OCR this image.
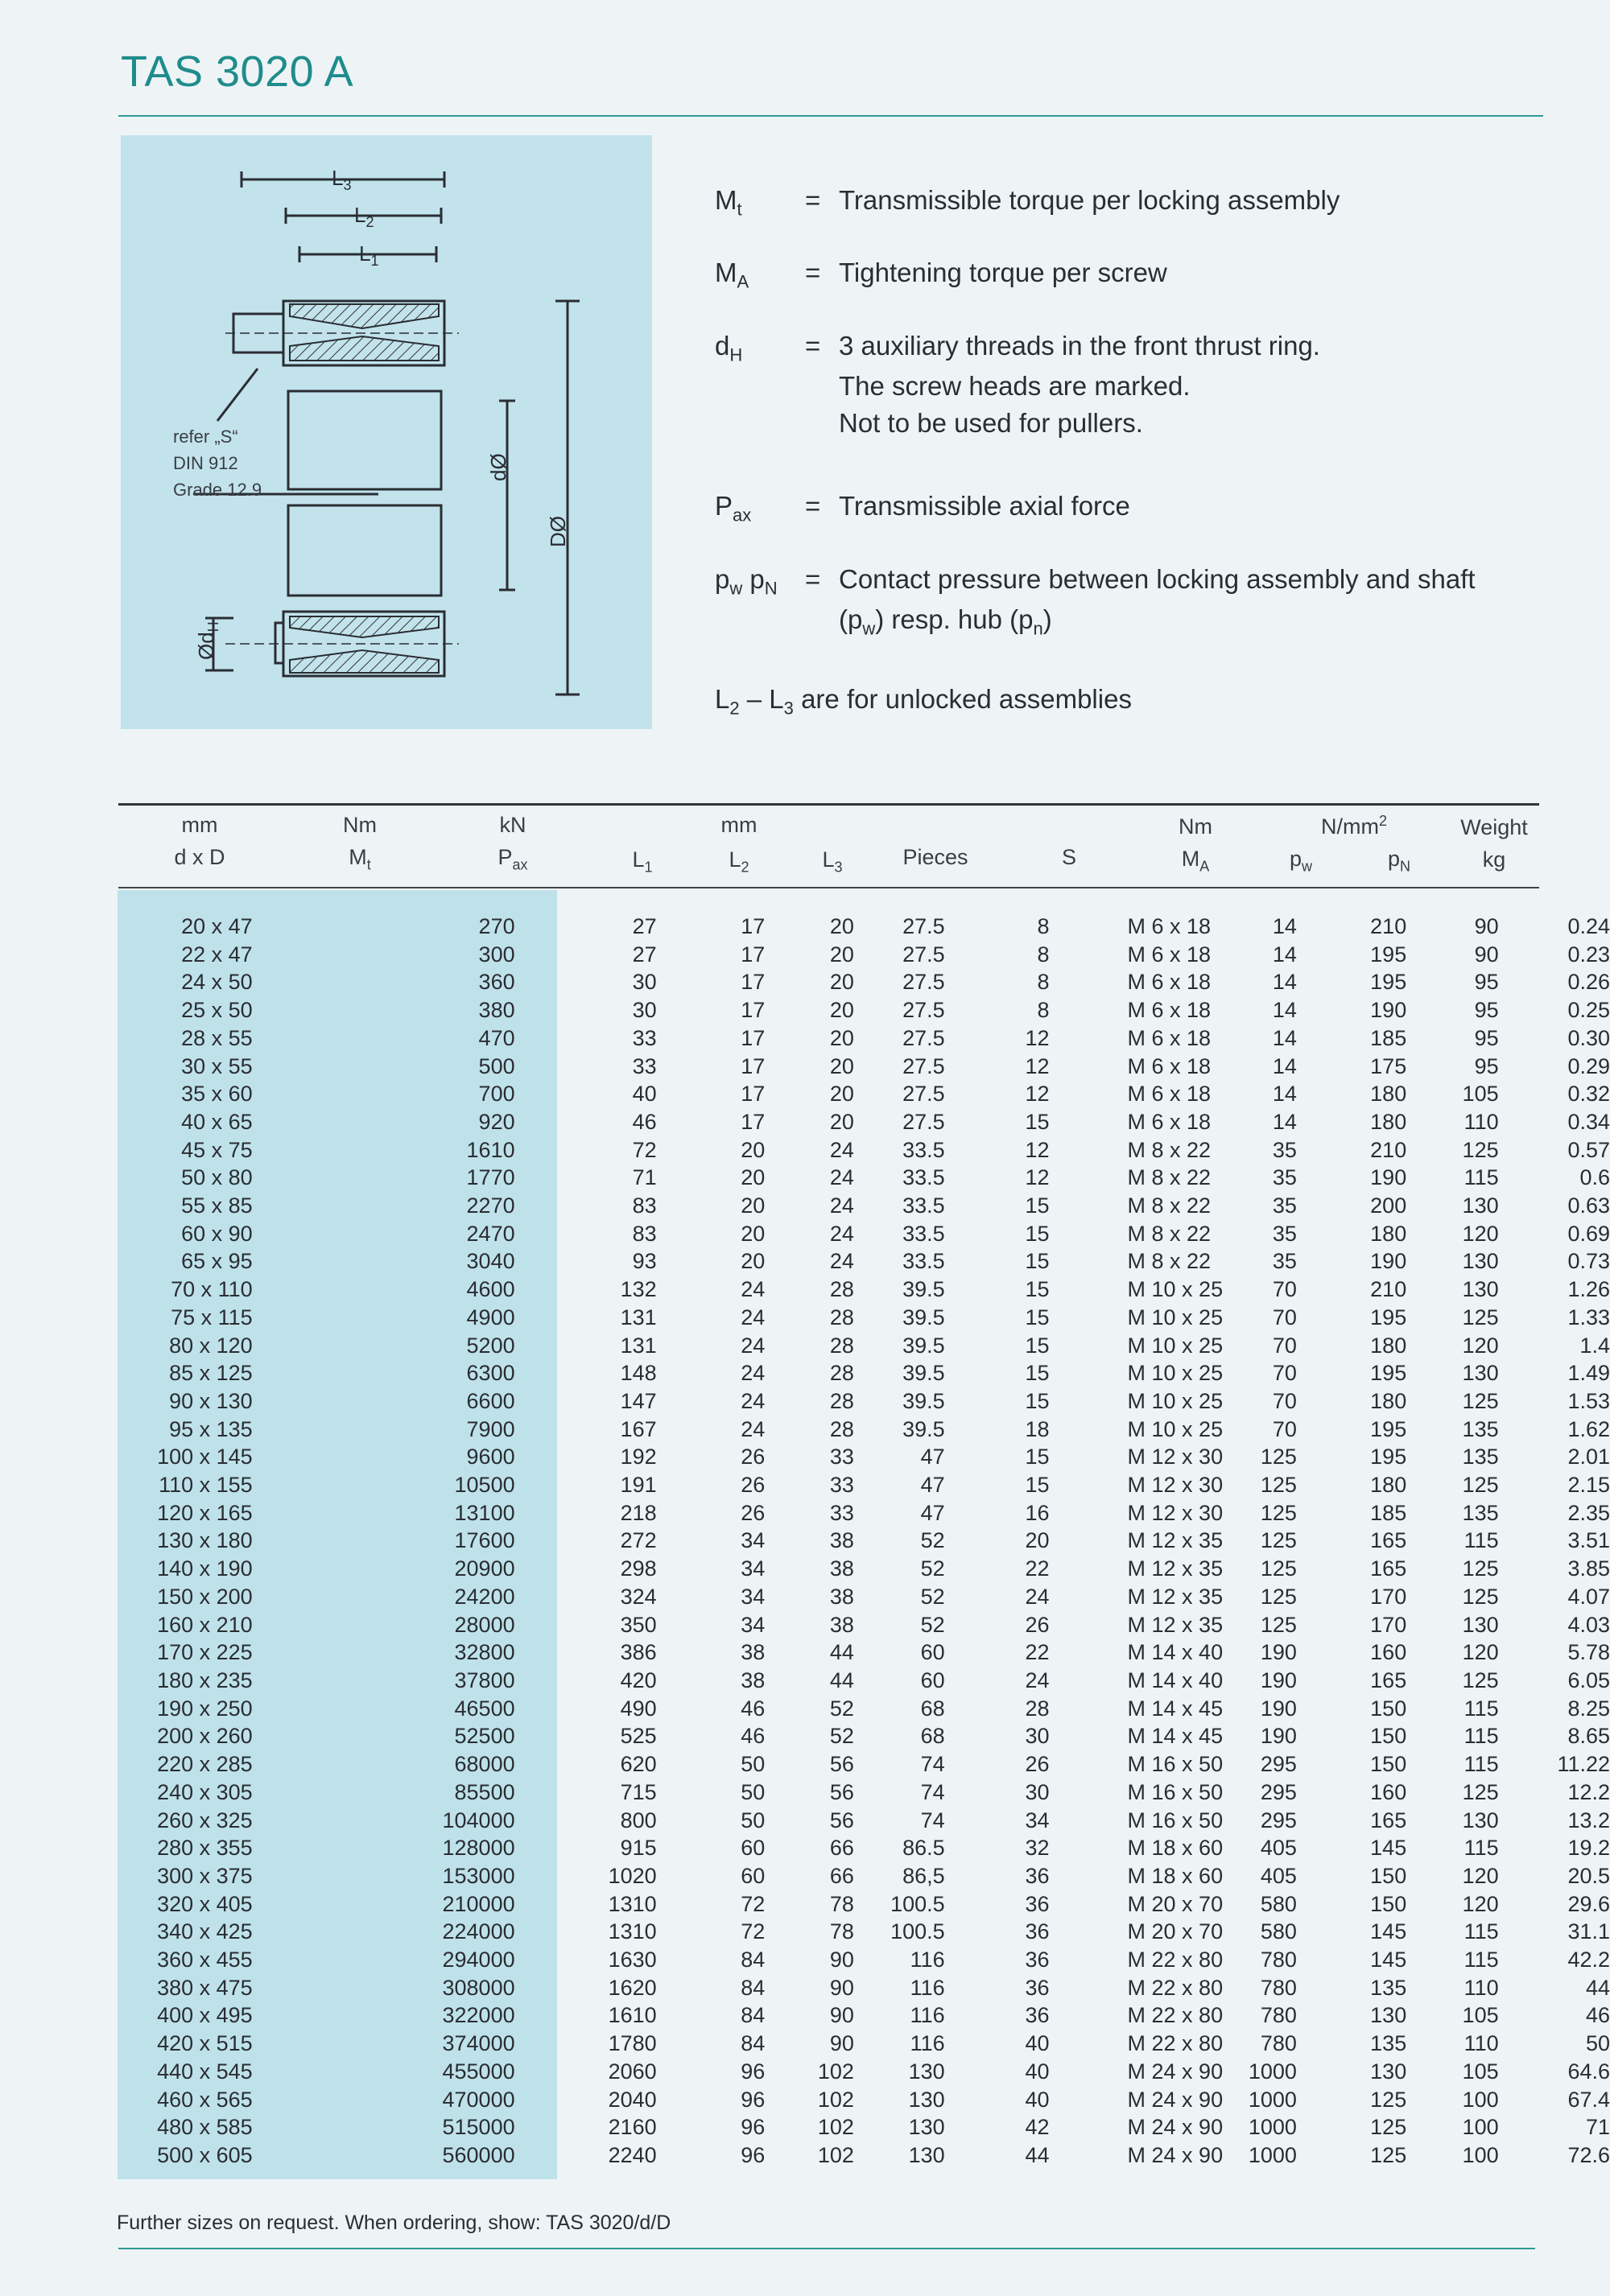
TAS 3020 A
$L_3$
$L_2$
$L_1$
dØ
DØ
$Ød_H$
refer „S“
DIN 912
Grade 12.9
$M_t$ = Transmissible torque per locking assembly
$M_A$ = Tightening torque per screw
$d_H = 3$ auxiliary threads in the front thrust ring.
The screw heads are marked.
Not to be used for pullers.
$P_{ax}$ = Transmissible axial force
$p_w$ $p_N$ = Contact pressure between locking assembly and shaft
$(p_w)$ resp. hub $(p_n)$
$L_2 - L_3$ are for unlocked assemblies
mm	Nm	kN	mm	Nm	$N/mm^2$	Weight
d x D	$M_t$	$P_{ax}$	$L_1$	$L_2$	$L_3$	Pieces	S	$M_A$	$p_w$	$p_N$	kg
20 x 47	270	27	17	20	27.5	8	M 6 x 18	14	210	90	0.24
22 x 47	300	27	17	20	27.5	8	M 6 x 18	14	195	90	0.23
24 x 50	360	30	17	20	27.5	8	M 6 x 18	14	195	95	0.26
25 x 50	380	30	17	20	27.5	8	M 6 x 18	14	190	95	0.25
28 x 55	470	33	17	20	27.5	12	M 6 x 18	14	185	95	0.30
30 x 55	500	33	17	20	27.5	12	M 6 x 18	14	175	95	0.29
35 x 60	700	40	17	20	27.5	12	M 6 x 18	14	180	105	0.32
40 x 65	920	46	17	20	27.5	15	M 6 x 18	14	180	110	0.34
45 x 75	1610	72	20	24	33.5	12	M 8 x 22	35	210	125	0.57
50 x 80	1770	71	20	24	33.5	12	M 8 x 22	35	190	115	0.6
55 x 85	2270	83	20	24	33.5	15	M 8 x 22	35	200	130	0.63
60 x 90	2470	83	20	24	33.5	15	M 8 x 22	35	180	120	0.69
65 x 95	3040	93	20	24	33.5	15	M 8 x 22	35	190	130	0.73
70 x 110	4600	132	24	28	39.5	15	M 10 x 25	70	210	130	1.26
75 x 115	4900	131	24	28	39.5	15	M 10 x 25	70	195	125	1.33
80 x 120	5200	131	24	28	39.5	15	M 10 x 25	70	180	120	1.4
85 x 125	6300	148	24	28	39.5	15	M 10 x 25	70	195	130	1.49
90 x 130	6600	147	24	28	39.5	15	M 10 x 25	70	180	125	1.53
95 x 135	7900	167	24	28	39.5	18	M 10 x 25	70	195	135	1.62
100 x 145	9600	192	26	33	47	15	M 12 x 30	125	195	135	2.01
110 x 155	10500	191	26	33	47	15	M 12 x 30	125	180	125	2.15
120 x 165	13100	218	26	33	47	16	M 12 x 30	125	185	135	2.35
130 x 180	17600	272	34	38	52	20	M 12 x 35	125	165	115	3.51
140 x 190	20900	298	34	38	52	22	M 12 x 35	125	165	125	3.85
150 x 200	24200	324	34	38	52	24	M 12 x 35	125	170	125	4.07
160 x 210	28000	350	34	38	52	26	M 12 x 35	125	170	130	4.03
170 x 225	32800	386	38	44	60	22	M 14 x 40	190	160	120	5.78
180 x 235	37800	420	38	44	60	24	M 14 x 40	190	165	125	6.05
190 x 250	46500	490	46	52	68	28	M 14 x 45	190	150	115	8.25
200 x 260	52500	525	46	52	68	30	M 14 x 45	190	150	115	8.65
220 x 285	68000	620	50	56	74	26	M 16 x 50	295	150	115	11.22
240 x 305	85500	715	50	56	74	30	M 16 x 50	295	160	125	12.2
260 x 325	104000	800	50	56	74	34	M 16 x 50	295	165	130	13.2
280 x 355	128000	915	60	66	86.5	32	M 18 x 60	405	145	115	19.2
300 x 375	153000	1020	60	66	86,5	36	M 18 x 60	405	150	120	20.5
320 x 405	210000	1310	72	78	100.5	36	M 20 x 70	580	150	120	29.6
340 x 425	224000	1310	72	78	100.5	36	M 20 x 70	580	145	115	31.1
360 x 455	294000	1630	84	90	116	36	M 22 x 80	780	145	115	42.2
380 x 475	308000	1620	84	90	116	36	M 22 x 80	780	135	110	44
400 x 495	322000	1610	84	90	116	36	M 22 x 80	780	130	105	46
420 x 515	374000	1780	84	90	116	40	M 22 x 80	780	135	110	50
440 x 545	455000	2060	96	102	130	40	M 24 x 90	1000	130	105	64.6
460 x 565	470000	2040	96	102	130	40	M 24 x 90	1000	125	100	67.4
480 x 585	515000	2160	96	102	130	42	M 24 x 90	1000	125	100	71
500 x 605	560000	2240	96	102	130	44	M 24 x 90	1000	125	100	72.6
Further sizes on request. When ordering, show: TAS 3020/d/D
